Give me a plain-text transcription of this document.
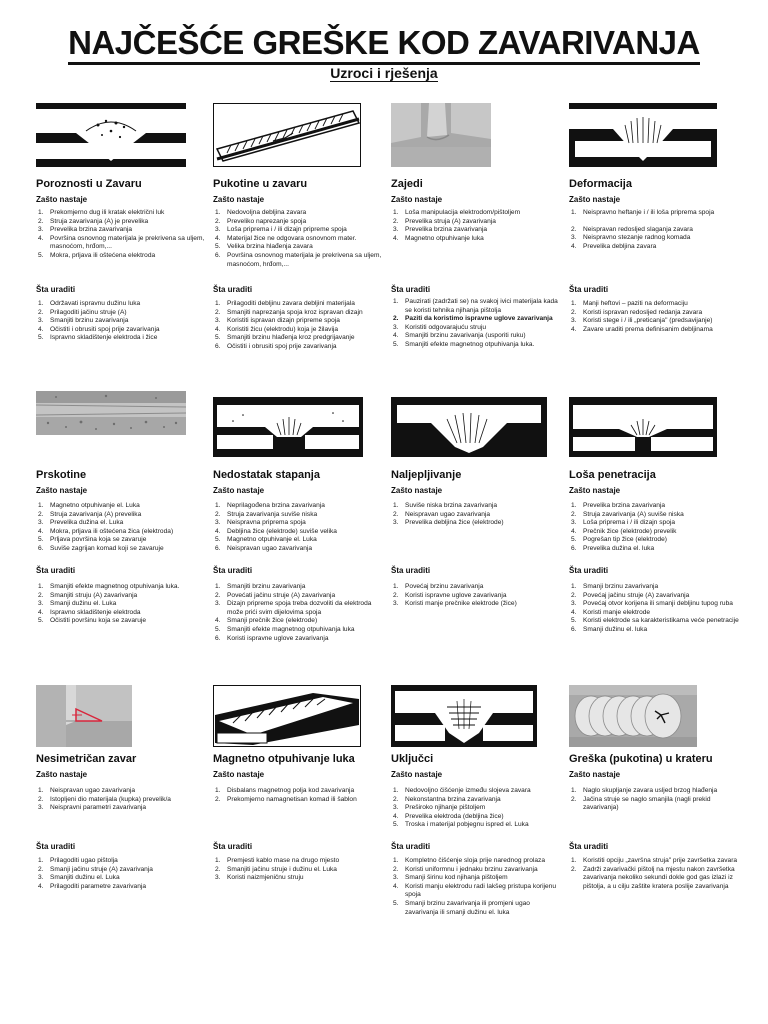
NAJČEŠĆE GREŠKE KOD ZAVARIVANJA
Uzroci i rješenja
Poroznosti u Zavaru
Zašto nastaje
Prekomjerno dug ili kratak električni luk
Struja zavarivanja (A) je prevelika
Prevelika brzina zavarivanja
Površina osnovnog materijala je prekrivena sa uljem, masnoćom, hrđom,...
Mokra, prljava ili oštećena elektroda
Šta uraditi
Održavati ispravnu dužinu luka
Prilagoditi jačinu struje (A)
Smanjiti brzinu zavarivanja
Očistiti i obrusiti spoj prije zavarivanja
Ispravno skladištenje elektroda i žice
Pukotine u zavaru
Zašto nastaje
Nedovoljna debljina zavara
Preveliko naprezanje spoja
Loša priprema i / ili dizajn pripreme spoja
Materijal žice ne odgovara osnovnom mater.
Velika brzina hlađenja zavara
Površina osnovnog materijala je prekrivena sa uljem, masnoćom, hrđom,...
Šta uraditi
Prilagoditi debljinu zavara debljini materijala
Smanjiti naprezanja spoja kroz ispravan dizajn
Koristiti ispravan dizajn pripreme spoja
Koristiti žicu (elektrodu) koja je žilavija
Smanjiti brzinu hlađenja kroz predgrijavanje
Očistiti i obrusiti spoj prije zavarivanja
Zajedi
Zašto nastaje
Loša manipulacija elektrodom/pištoljem
Prevelika struja (A) zavarivanja
Prevelika brzina zavarivanja
Magnetno otpuhivanje luka
Šta uraditi
Pauzirati (zadržati se) na svakoj ivici materijala kada se koristi tehnika njihanja pištolja
Paziti da koristimo ispravne uglove zavarivanja
Koristiti odgovarajuću struju
Smanjiti brzinu zavarivanja (usporiti ruku)
Smanjiti efekte magnetnog otpuhivanja luka.
Deformacija
Zašto nastaje
Neispravno heftanje i / ili loša priprema spoja
Neispravan redosljed slaganja zavara
Neispravno stezanje radnog komada
Prevelika debljina zavara
Šta uraditi
Manji heftovi – paziti na deformaciju
Koristi ispravan redosljed redanja zavara
Koristi stege i / ili „preticanja" (predsavijanje)
Zavare uraditi prema definisanim debljinama
Prskotine
Zašto nastaje
Magnetno otpuhivanje el. Luka
Struja zavarivanja (A) prevelika
Prevelika dužina el. Luka
Mokra, prljava ili oštećena žica (elektroda)
Prljava površina koja se zavaruje
Suviše zagrijan komad koji se zavaruje
Šta uraditi
Smanjiti efekte magnetnog otpuhivanja luka.
Smanjiti struju (A) zavarivanja
Smanji dužinu el. Luka
Ispravno skladištenje elektroda
Očistiti površinu koja se zavaruje
Nedostatak stapanja
Zašto nastaje
Neprilagođena brzina zavarivanja
Struja zavarivanja suviše niska
Neispravna priprema spoja
Debljina žice (elektrode) suviše velika
Magnetno otpuhivanje el. Luka
Neispravan ugao zavarivanja
Šta uraditi
Smanjiti brzinu zavarivanja
Povećati jačinu struje (A) zavarivanja
Dizajn pripreme spoja treba dozvoliti da elektroda može prići svim dijelovima spoja
Smanji prečnik žice (elektrode)
Smanjiti efekte magnetnog otpuhivanja luka
Koristi ispravne uglove zavarivanja
Naljepljivanje
Zašto nastaje
Suviše niska brzina zavarivanja
Neispravan ugao zavarivanja
Prevelika debljina žice (elektrode)
Šta uraditi
Povećaj brzinu zavarivanja
Koristi ispravne uglove zavarivanja
Koristi manje prečnike elektrode (žice)
Loša penetracija
Zašto nastaje
Prevelika brzina zavarivanja
Struja zavarivanja (A) suviše niska
Loša priprema i / ili dizajn spoja
Prečnik žice (elektrode) prevelik
Pogrešan tip žice (elektrode)
Prevelika dužina el. luka
Šta uraditi
Smanji brzinu zavarivanja
Povećaj jačinu struje (A) zavarivanja
Povećaj otvor korijena ili smanji debljinu tupog ruba
Koristi manje elektrode
Koristi elektrode sa karakteristikama veće penetracije
Smanji dužinu el. luka
Nesimetričan zavar
Zašto nastaje
Neispravan ugao zavarivanja
Istopljeni dio materijala (kupka) prevelik/a
Neispravni parametri zavarivanja
Šta uraditi
Prilagoditi ugao pištolja
Smanji jačinu struje (A) zavarivanja
Smanjiti dužinu el. Luka
Prilagoditi parametre zavarivanja
Magnetno otpuhivanje luka
Zašto nastaje
Disbalans magnetnog polja kod zavarivanja
Prekomjerno namagnetisan komad ili šablon
Šta uraditi
Premjesti kablo mase na drugo mjesto
Smanjiti jačinu struje i dužinu el. Luka
Koristi naizmjeničnu struju
Uključci
Zašto nastaje
Nedovoljno čišćenje između slojeva zavara
Nekonstantna brzina zavarivanja
Preširoko njihanje pištoljem
Prevelika elektroda (debljina žice)
Troska i materijal pobjegnu ispred el. Luka
Šta uraditi
Kompletno čišćenje sloja prije narednog prolaza
Koristi uniformnu i jednaku brzinu zavarivanja
Smanji širinu kod njihanja pištoljem
Koristi manju elektrodu radi lakšeg pristupa korijenu spoja
Smanji brzinu zavarivanja ili promjeni ugao zavarivanja ili smanji dužinu el. luka
Greška (pukotina) u krateru
Zašto nastaje
Naglo skupljanje zavara usljed brzog hlađenja
Jačina struje se naglo smanjila (nagli prekid zavarivanja)
Šta uraditi
Koristiti opciju „završna struja" prije završetka zavara
Zadrži zavarivački pištolj na mjestu nakon završetka zavarivanja nekoliko sekundi dokle god gas izlazi iz pištolja, a u cilju zaštite kratera poslije zavarivanja
